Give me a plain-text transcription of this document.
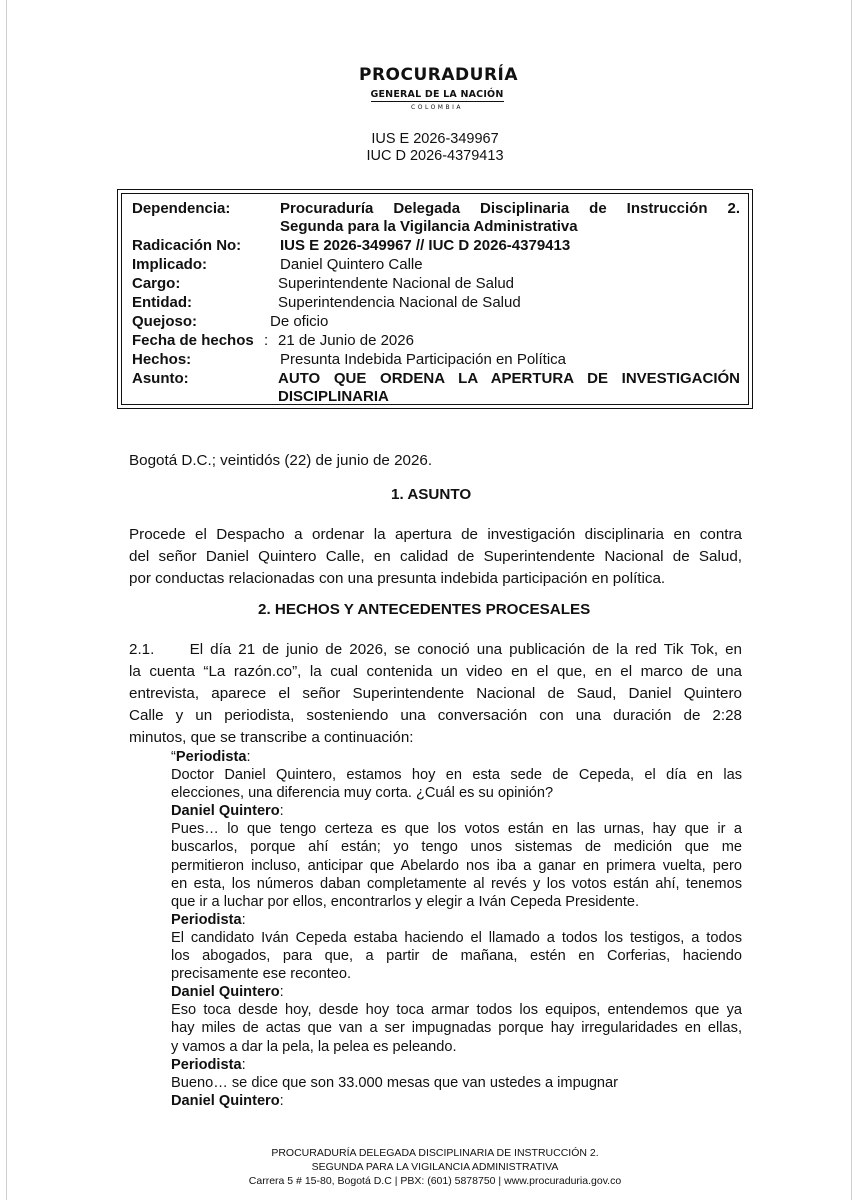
PROCURADURÍA
GENERAL DE LA NACIÓN
COLOMBIA
IUS E 2026-349967
IUC D 2026-4379413
Dependencia:	Procuraduría Delegada Disciplinaria de Instrucción 2.
Segunda para la Vigilancia Administrativa
Radicación No:	IUS E 2026-349967 // IUC D 2026-4379413
Implicado:	Daniel Quintero Calle
Cargo:	Superintendente Nacional de Salud
Entidad:	Superintendencia Nacional de Salud
Quejoso:	De oficio
Fecha de hechos : 21 de Junio de 2026
Hechos:	Presunta Indebida Participación en Política
Asunto:	AUTO QUE ORDENA LA APERTURA DE INVESTIGACIÓN
DISCIPLINARIA
Bogotá D.C.; veintidós (22) de junio de 2026.
1. ASUNTO
Procede el Despacho a ordenar la apertura de investigación disciplinaria en contra
del señor Daniel Quintero Calle, en calidad de Superintendente Nacional de Salud,
por conductas relacionadas con una presunta indebida participación en política.
2. HECHOS Y ANTECEDENTES PROCESALES
2.1.     El día 21 de junio de 2026, se conoció una publicación de la red Tik Tok, en
la cuenta “La razón.co”, la cual contenida un video en el que, en el marco de una
entrevista, aparece el señor Superintendente Nacional de Saud, Daniel Quintero
Calle y un periodista, sosteniendo una conversación con una duración de 2:28
minutos, que se transcribe a continuación:
“Periodista:
Doctor Daniel Quintero, estamos hoy en esta sede de Cepeda, el día en las
elecciones, una diferencia muy corta. ¿Cuál es su opinión?
Daniel Quintero:
Pues… lo que tengo certeza es que los votos están en las urnas, hay que ir a
buscarlos, porque ahí están; yo tengo unos sistemas de medición que me
permitieron incluso, anticipar que Abelardo nos iba a ganar en primera vuelta, pero
en esta, los números daban completamente al revés y los votos están ahí, tenemos
que ir a luchar por ellos, encontrarlos y elegir a Iván Cepeda Presidente.
Periodista:
El candidato Iván Cepeda estaba haciendo el llamado a todos los testigos, a todos
los abogados, para que, a partir de mañana, estén en Corferias, haciendo
precisamente ese reconteo.
Daniel Quintero:
Eso toca desde hoy, desde hoy toca armar todos los equipos, entendemos que ya
hay miles de actas que van a ser impugnadas porque hay irregularidades en ellas,
y vamos a dar la pela, la pelea es peleando.
Periodista:
Bueno… se dice que son 33.000 mesas que van ustedes a impugnar
Daniel Quintero:
PROCURADURÍA DELEGADA DISCIPLINARIA DE INSTRUCCIÓN 2.
SEGUNDA PARA LA VIGILANCIA ADMINISTRATIVA
Carrera 5 # 15-80, Bogotá D.C | PBX: (601) 5878750 | www.procuraduria.gov.co
